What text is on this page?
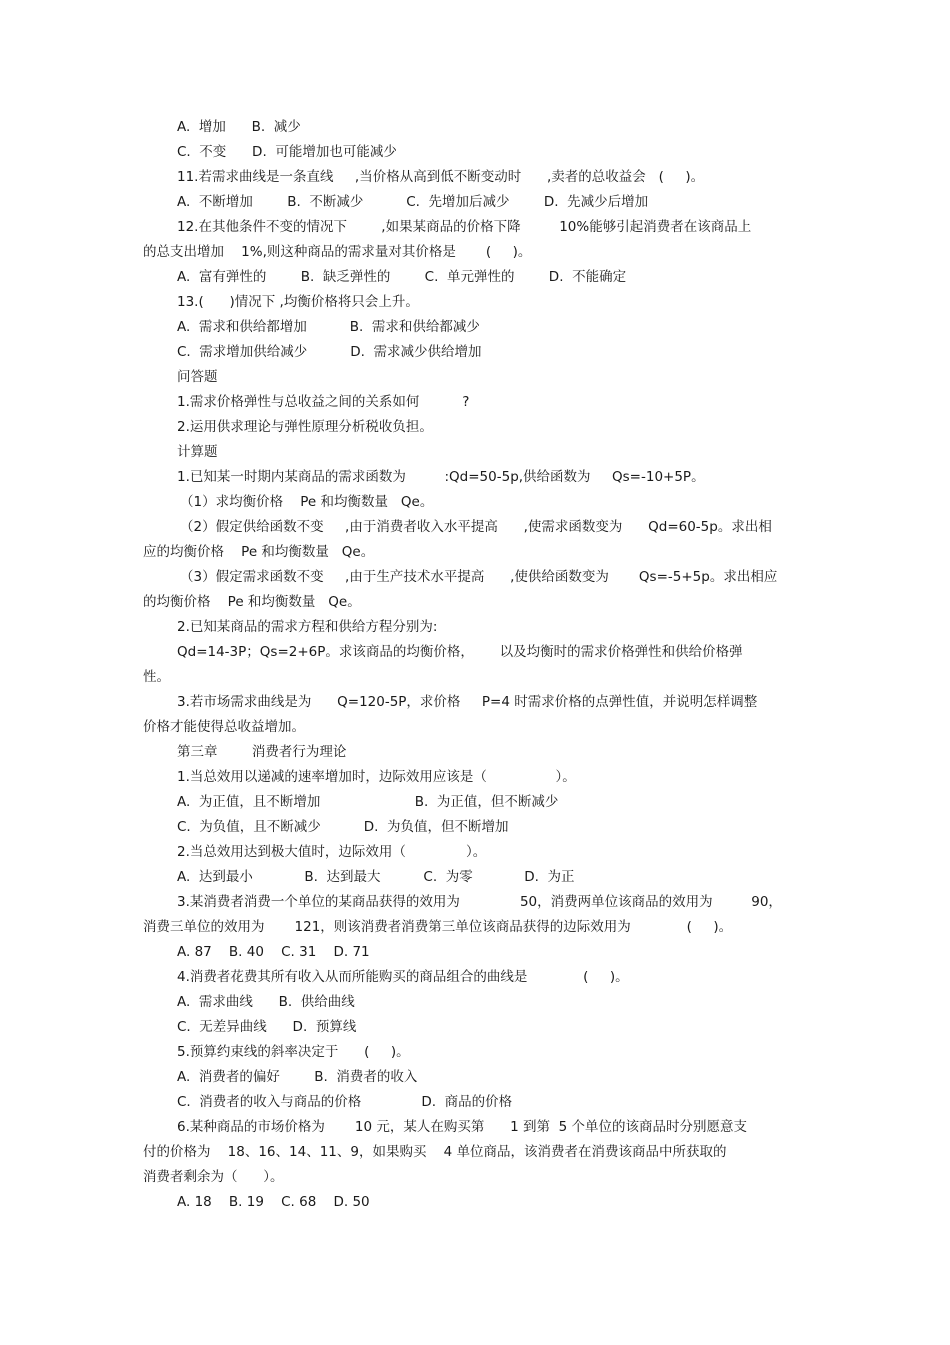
A.  增加      B.  减少
C.  不变      D.  可能增加也可能减少
11.若需求曲线是一条直线     ,当价格从高到低不断变动时      ,卖者的总收益会   (     )。
A.  不断增加        B.  不断减少          C.  先增加后减少        D.  先减少后增加
12.在其他条件不变的情况下        ,如果某商品的价格下降         10%能够引起消费者在该商品上
的总支出增加    1%,则这种商品的需求量对其价格是       (     )。
A.  富有弹性的        B.  缺乏弹性的        C.  单元弹性的        D.  不能确定
13.(      )情况下 ,均衡价格将只会上升。
A.  需求和供给都增加          B.  需求和供给都减少
C.  需求增加供给减少          D.  需求减少供给增加
问答题
1.需求价格弹性与总收益之间的关系如何          ?
2.运用供求理论与弹性原理分析税收负担。
计算题
1.已知某一时期内某商品的需求函数为         :Qd=50-5p,供给函数为     Qs=-10+5P。
（1）求均衡价格    Pe 和均衡数量   Qe。
（2）假定供给函数不变     ,由于消费者收入水平提高      ,使需求函数变为      Qd=60-5p。求出相
应的均衡价格    Pe 和均衡数量   Qe。
（3）假定需求函数不变     ,由于生产技术水平提高      ,使供给函数变为       Qs=-5+5p。求出相应
的均衡价格    Pe 和均衡数量   Qe。
2.已知某商品的需求方程和供给方程分别为:
Qd=14-3P；Qs=2+6P。求该商品的均衡价格，      以及均衡时的需求价格弹性和供给价格弹
性。
3.若市场需求曲线是为      Q=120-5P，求价格     P=4 时需求价格的点弹性值，并说明怎样调整
价格才能使得总收益增加。
第三章        消费者行为理论
1.当总效用以递减的速率增加时，边际效用应该是（                ）。
A.  为正值，且不断增加                      B.  为正值，但不断减少
C.  为负值，且不断减少          D.  为负值，但不断增加
2.当总效用达到极大值时，边际效用（              ）。
A.  达到最小            B.  达到最大          C.  为零            D.  为正
3.某消费者消费一个单位的某商品获得的效用为              50，消费两单位该商品的效用为         90，
消费三单位的效用为       121，则该消费者消费第三单位该商品获得的边际效用为             (     )。
A. 87    B. 40    C. 31    D. 71
4.消费者花费其所有收入从而所能购买的商品组合的曲线是             (     )。
A.  需求曲线      B.  供给曲线
C.  无差异曲线      D.  预算线
5.预算约束线的斜率决定于      (     )。
A.  消费者的偏好        B.  消费者的收入
C.  消费者的收入与商品的价格              D.  商品的价格
6.某种商品的市场价格为       10 元，某人在购买第      1 到第  5 个单位的该商品时分别愿意支
付的价格为    18、16、14、11、9，如果购买    4 单位商品，该消费者在消费该商品中所获取的
消费者剩余为（      ）。
A. 18    B. 19    C. 68    D. 50
